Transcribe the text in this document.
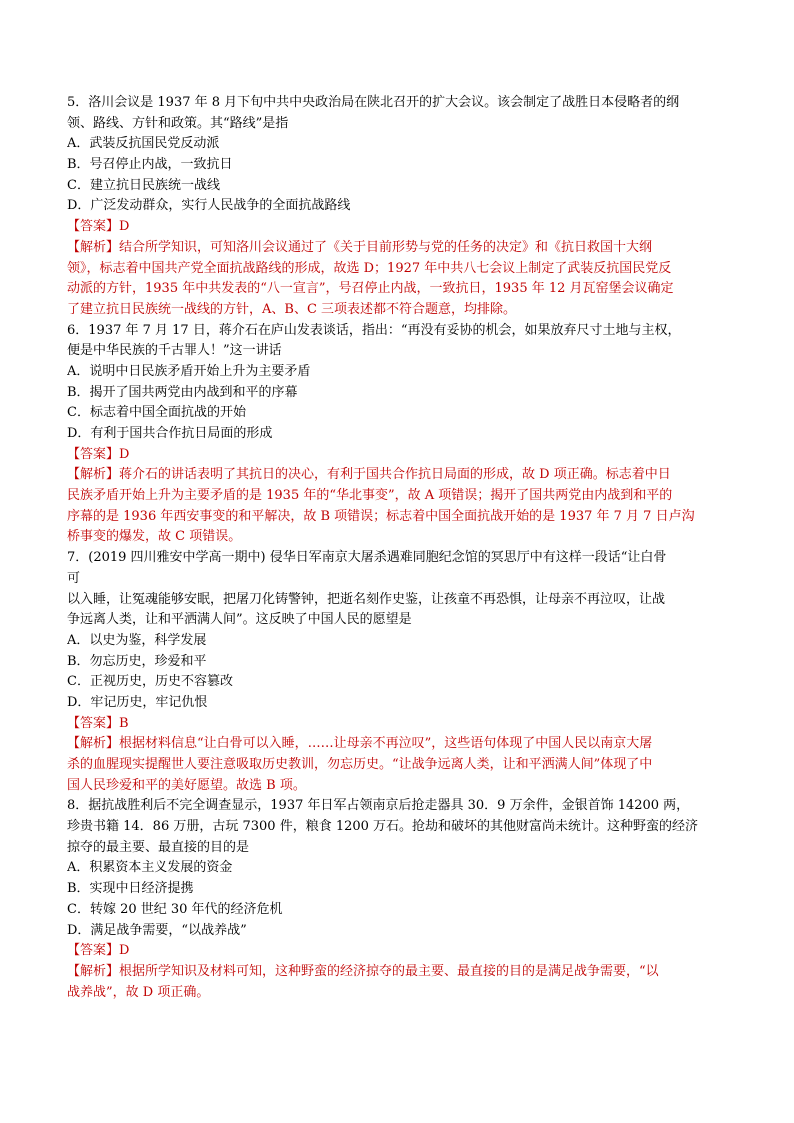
5．洛川会议是 1937 年 8 月下旬中共中央政治局在陕北召开的扩大会议。该会制定了战胜日本侵略者的纲
领、路线、方针和政策。其“路线”是指
A．武装反抗国民党反动派
B．号召停止内战，一致抗日
C．建立抗日民族统一战线
D．广泛发动群众，实行人民战争的全面抗战路线
【答案】D
【解析】结合所学知识，可知洛川会议通过了《关于目前形势与党的任务的决定》和《抗日救国十大纲
领》，标志着中国共产党全面抗战路线的形成，故选 D；1927 年中共八七会议上制定了武装反抗国民党反
动派的方针，1935 年中共发表的“八一宣言”，号召停止内战，一致抗日，1935 年 12 月瓦窑堡会议确定
了建立抗日民族统一战线的方针，A、B、C 三项表述都不符合题意，均排除。
6．1937 年 7 月 17 日，蒋介石在庐山发表谈话，指出：“再没有妥协的机会，如果放弃尺寸土地与主权，
便是中华民族的千古罪人！”这一讲话
A．说明中日民族矛盾开始上升为主要矛盾
B．揭开了国共两党由内战到和平的序幕
C．标志着中国全面抗战的开始
D．有利于国共合作抗日局面的形成
【答案】D
【解析】蒋介石的讲话表明了其抗日的决心，有利于国共合作抗日局面的形成，故 D 项正确。标志着中日
民族矛盾开始上升为主要矛盾的是 1935 年的“华北事变”，故 A 项错误；揭开了国共两党由内战到和平的
序幕的是 1936 年西安事变的和平解决，故 B 项错误；标志着中国全面抗战开始的是 1937 年 7 月 7 日卢沟
桥事变的爆发，故 C 项错误。
7．(2019 四川雅安中学高一期中) 侵华日军南京大屠杀遇难同胞纪念馆的冥思厅中有这样一段话“让白骨
可
以入睡，让冤魂能够安眠，把屠刀化铸警钟，把逝名刻作史鉴，让孩童不再恐惧，让母亲不再泣叹，让战
争远离人类，让和平洒满人间”。这反映了中国人民的愿望是
A．以史为鉴，科学发展
B．勿忘历史，珍爱和平
C．正视历史，历史不容篡改
D．牢记历史，牢记仇恨
【答案】B
【解析】根据材料信息“让白骨可以入睡，……让母亲不再泣叹”，这些语句体现了中国人民以南京大屠
杀的血腥现实提醒世人要注意吸取历史教训，勿忘历史。“让战争远离人类，让和平洒满人间”体现了中
国人民珍爱和平的美好愿望。故选 B 项。
8．据抗战胜利后不完全调查显示，1937 年日军占领南京后抢走器具 30．9 万余件，金银首饰 14200 两，
珍贵书籍 14．86 万册，古玩 7300 件，粮食 1200 万石。抢劫和破坏的其他财富尚未统计。这种野蛮的经济
掠夺的最主要、最直接的目的是
A．积累资本主义发展的资金
B．实现中日经济提携
C．转嫁 20 世纪 30 年代的经济危机
D．满足战争需要，“以战养战”
【答案】D
【解析】根据所学知识及材料可知，这种野蛮的经济掠夺的最主要、最直接的目的是满足战争需要，“以
战养战”，故 D 项正确。
